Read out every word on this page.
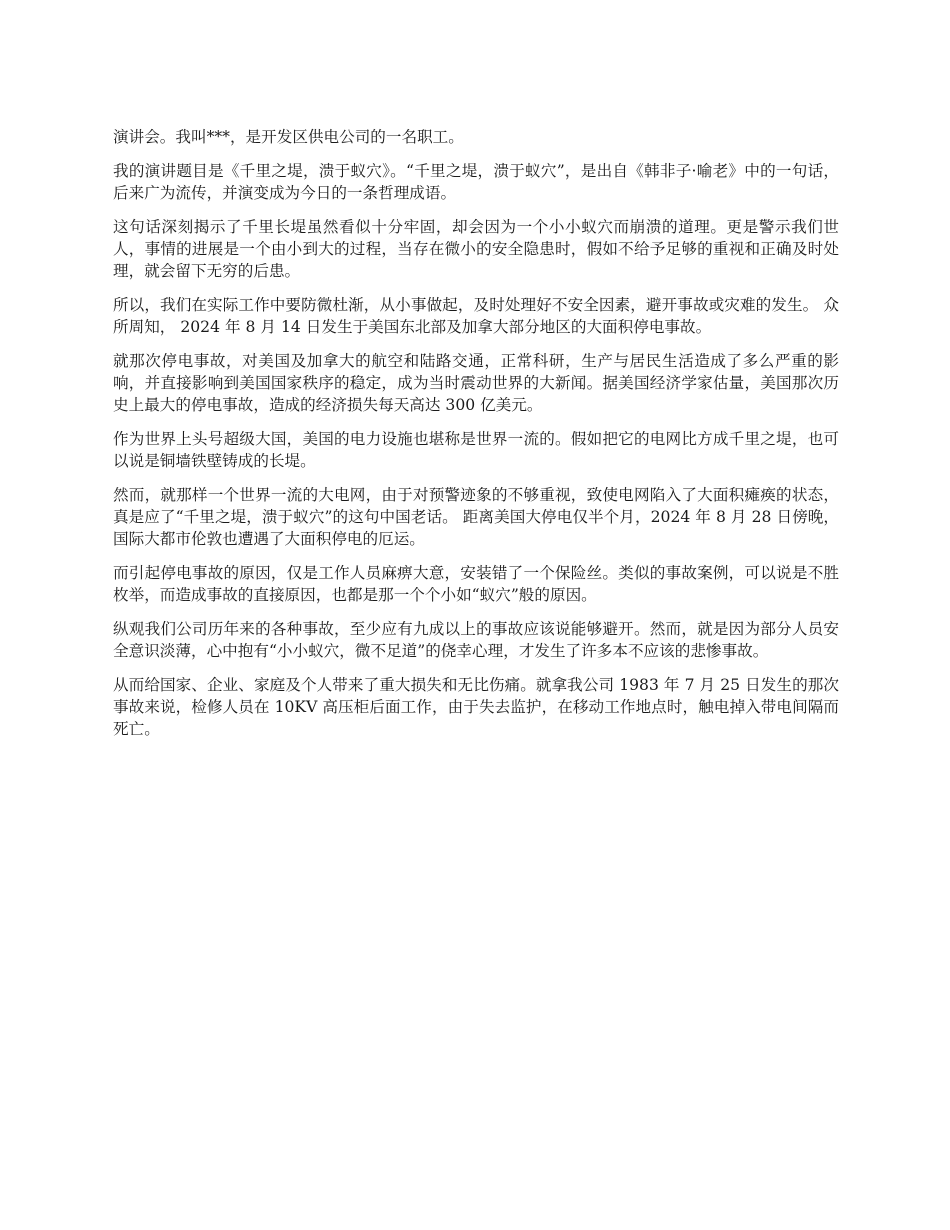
演讲会。我叫***，是开发区供电公司的一名职工。

我的演讲题目是《千里之堤，溃于蚁穴》。“千里之堤，溃于蚁穴”，是出自《韩非子·喻老》中的一句话，后来广为流传，并演变成为今日的一条哲理成语。

这句话深刻揭示了千里长堤虽然看似十分牢固，却会因为一个小小蚁穴而崩溃的道理。更是警示我们世人，事情的进展是一个由小到大的过程，当存在微小的安全隐患时，假如不给予足够的重视和正确及时处理，就会留下无穷的后患。

所以，我们在实际工作中要防微杜渐，从小事做起，及时处理好不安全因素，避开事故或灾难的发生。 众所周知， 2024 年 8 月 14 日发生于美国东北部及加拿大部分地区的大面积停电事故。

就那次停电事故，对美国及加拿大的航空和陆路交通，正常科研，生产与居民生活造成了多么严重的影响，并直接影响到美国国家秩序的稳定，成为当时震动世界的大新闻。据美国经济学家估量，美国那次历史上最大的停电事故，造成的经济损失每天高达 300 亿美元。

作为世界上头号超级大国，美国的电力设施也堪称是世界一流的。假如把它的电网比方成千里之堤，也可以说是铜墙铁壁铸成的长堤。

然而，就那样一个世界一流的大电网，由于对预警迹象的不够重视，致使电网陷入了大面积瘫痪的状态，真是应了“千里之堤，溃于蚁穴”的这句中国老话。 距离美国大停电仅半个月，2024 年 8 月 28 日傍晚，国际大都市伦敦也遭遇了大面积停电的厄运。

而引起停电事故的原因，仅是工作人员麻痹大意，安装错了一个保险丝。类似的事故案例，可以说是不胜枚举，而造成事故的直接原因，也都是那一个个小如“蚁穴”般的原因。

纵观我们公司历年来的各种事故，至少应有九成以上的事故应该说能够避开。然而，就是因为部分人员安全意识淡薄，心中抱有“小小蚁穴，微不足道”的侥幸心理，才发生了许多本不应该的悲惨事故。

从而给国家、企业、家庭及个人带来了重大损失和无比伤痛。就拿我公司 1983 年 7 月 25 日发生的那次事故来说，检修人员在 10KV 高压柜后面工作，由于失去监护，在移动工作地点时，触电掉入带电间隔而死亡。
